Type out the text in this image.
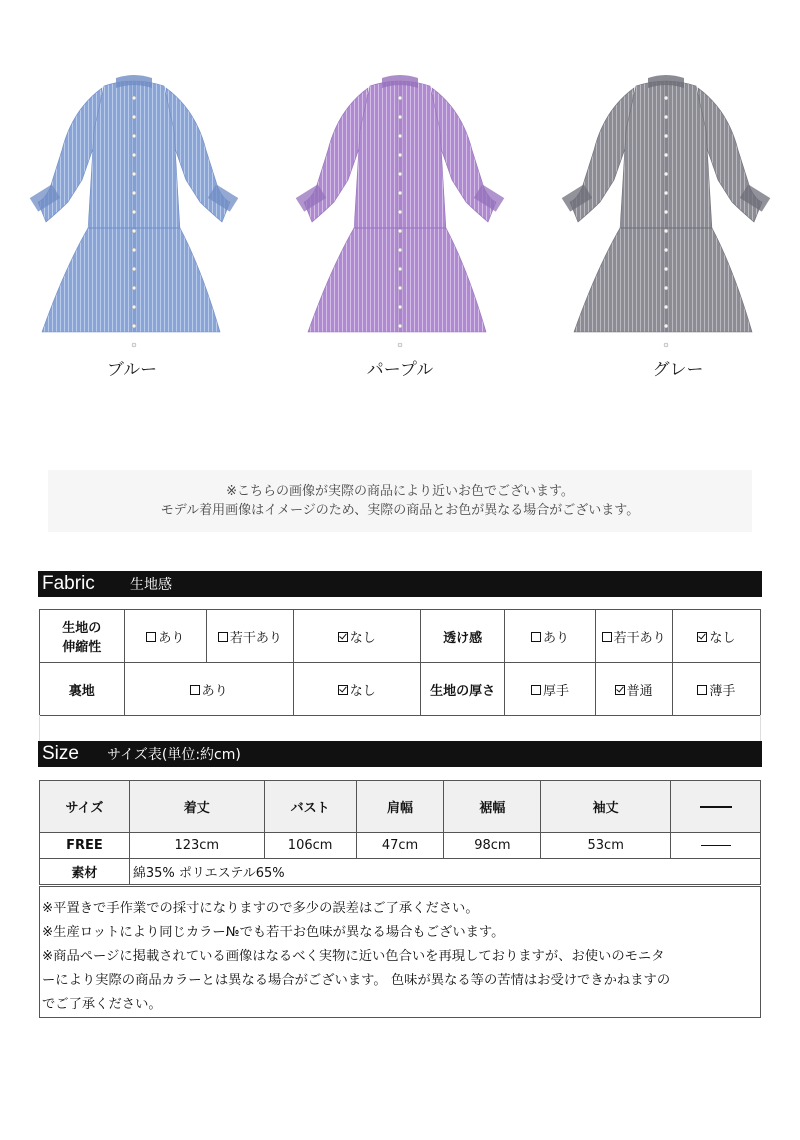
ブルー	パープル	グレー
※こちらの画像が実際の商品により近いお色でございます。
モデル着用画像はイメージのため、実際の商品とお色が異なる場合がございます。
Fabric	生地感
生地の
伸縮性	あり	若干あり	なし	透け感	あり	若干あり	なし
裏地	あり		なし	生地の厚さ	厚手	普通	薄手
Size サイズ表(単位:約cm)
サイズ	着丈	バスト	肩幅	裾幅	袖丈	
FREE	123cm	106cm	47cm	98cm	53cm	
素材	綿35% ポリエステル65%					

※平置きで手作業での採寸になりますので多少の誤差はご了承ください。

※生産ロットにより同じカラー№でも若干お色味が異なる場合もございます。

※商品ページに掲載されている画像はなるべく実物に近い色合いを再現しておりますが、お使いのモニタ

ーにより実際の商品カラーとは異なる場合がございます。 色味が異なる等の苦情はお受けできかねますの

でご了承ください。
